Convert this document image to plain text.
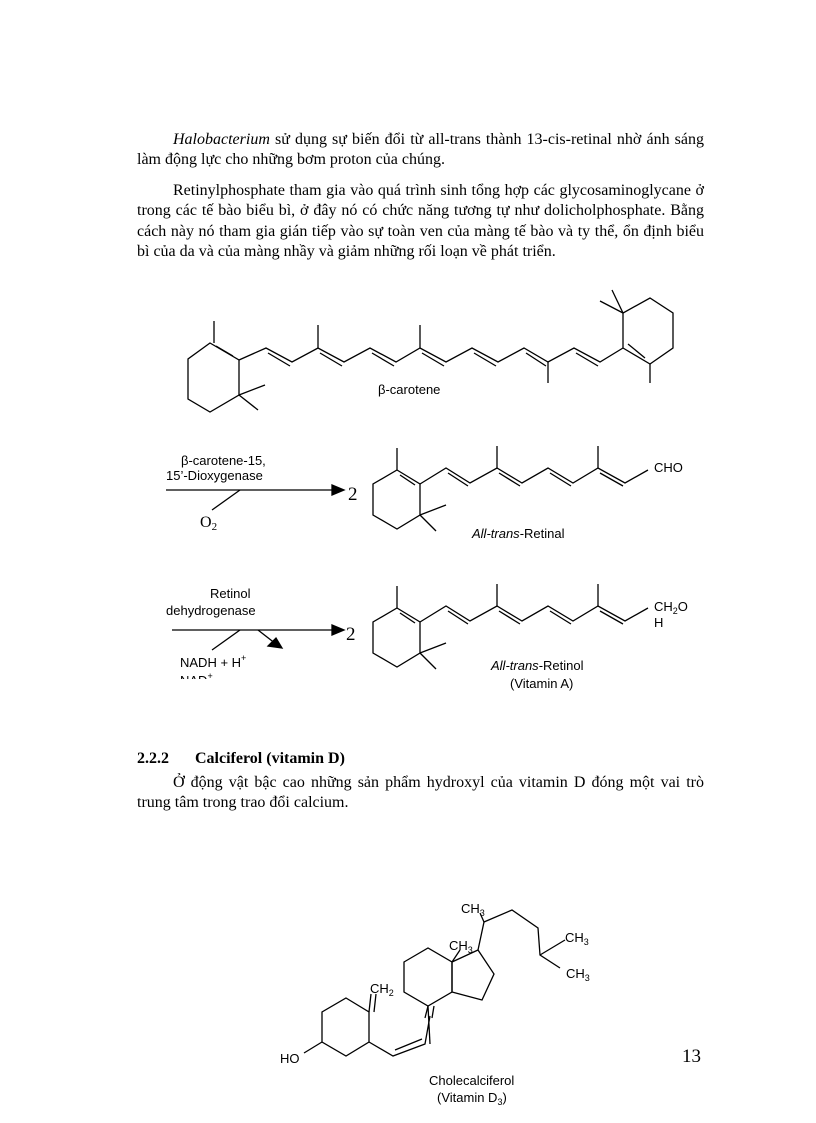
Halobacterium sử dụng sự biến đổi từ all-trans thành 13-cis-retinal nhờ ánh sáng làm động lực cho những bơm proton của chúng.

Retinylphosphate tham gia vào quá trình sinh tổng hợp các glycosaminoglycane ở trong các tế bào biểu bì, ở đây nó có chức năng tương tự như dolicholphosphate. Bằng cách này nó tham gia gián tiếp vào sự toàn ven của màng tế bào và ty thể, ổn định biểu bì của da và của màng nhầy và giảm những rối loạn về phát triển.

β-carotene
β-carotene-15,
15’-Dioxygenase
2
O2
CHO
All-trans-Retinal
Retinol
dehydrogenase
2
NADH + H+
NAD+
$CH_2O$
H
All-trans-Retinol
(Vitamin A)

2.2.2 Calciferol (vitamin D)

Ở động vật bậc cao những sản phẩm hydroxyl của vitamin D đóng một vai trò trung tâm trong trao đổi calcium.

$CH_3$
$CH_3$
$CH_3$
$CH_3$
$CH_2$
HO
Cholecalciferol
(Vitamin $D_3$)
13
